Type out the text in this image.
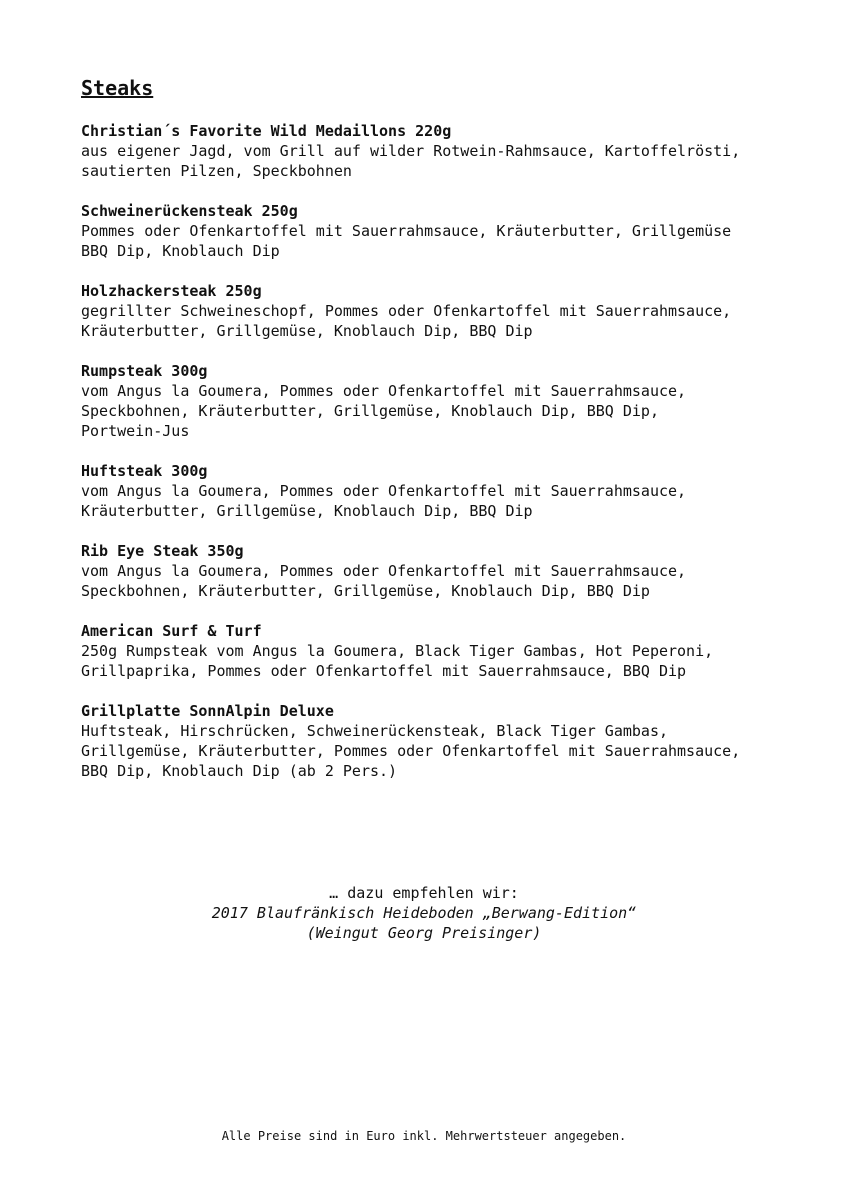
Steaks
Christian´s Favorite Wild Medaillons 220g
aus eigener Jagd, vom Grill auf wilder Rotwein-Rahmsauce, Kartoffelrösti,
sautierten Pilzen, Speckbohnen
Schweinerückensteak 250g
Pommes oder Ofenkartoffel mit Sauerrahmsauce, Kräuterbutter, Grillgemüse
BBQ Dip, Knoblauch Dip
Holzhackersteak 250g
gegrillter Schweineschopf, Pommes oder Ofenkartoffel mit Sauerrahmsauce,
Kräuterbutter, Grillgemüse, Knoblauch Dip, BBQ Dip
Rumpsteak 300g
vom Angus la Goumera, Pommes oder Ofenkartoffel mit Sauerrahmsauce,
Speckbohnen, Kräuterbutter, Grillgemüse, Knoblauch Dip, BBQ Dip,
Portwein-Jus
Huftsteak 300g
vom Angus la Goumera, Pommes oder Ofenkartoffel mit Sauerrahmsauce,
Kräuterbutter, Grillgemüse, Knoblauch Dip, BBQ Dip
Rib Eye Steak 350g
vom Angus la Goumera, Pommes oder Ofenkartoffel mit Sauerrahmsauce,
Speckbohnen, Kräuterbutter, Grillgemüse, Knoblauch Dip, BBQ Dip
American Surf & Turf
250g Rumpsteak vom Angus la Goumera, Black Tiger Gambas, Hot Peperoni,
Grillpaprika, Pommes oder Ofenkartoffel mit Sauerrahmsauce, BBQ Dip
Grillplatte SonnAlpin Deluxe
Huftsteak, Hirschrücken, Schweinerückensteak, Black Tiger Gambas,
Grillgemüse, Kräuterbutter, Pommes oder Ofenkartoffel mit Sauerrahmsauce,
BBQ Dip, Knoblauch Dip (ab 2 Pers.)
… dazu empfehlen wir:
2017 Blaufränkisch Heideboden „Berwang-Edition“
(Weingut Georg Preisinger)
Alle Preise sind in Euro inkl. Mehrwertsteuer angegeben.
